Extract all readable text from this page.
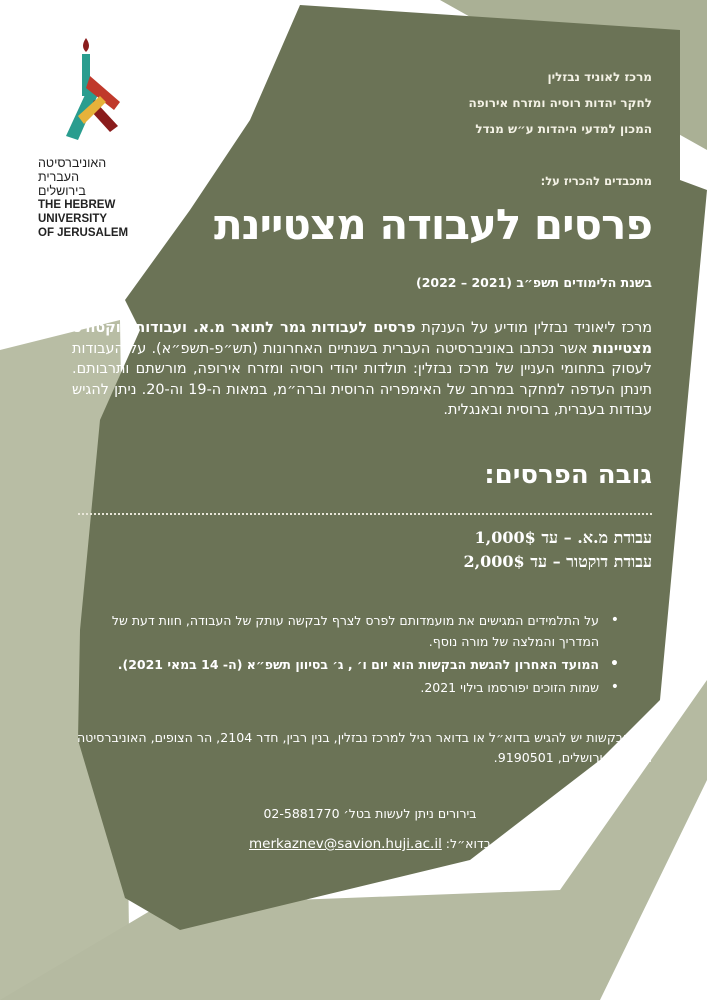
האוניברסיטה
העברית
בירושלים
THE HEBREW
UNIVERSITY
OF JERUSALEM
מרכז לאוניד נבזלין
לחקר יהדות רוסיה ומזרח אירופה
המכון למדעי היהדות ע״ש מנדל
מתכבדים להכריז על:
פרסים לעבודה מצטיינת
בשנת הלימודים תשפ״ב (2021 – 2022)
מרכז ליאוניד נבזלין מודיע על הענקת פרסים לעבודות גמר לתואר מ.א. ועבודות דוקטורט מצטיינות אשר נכתבו באוניברסיטה העברית בשנתיים האחרונות (תש״פ-תשפ״א). על העבודות לעסוק בתחומי העניין של מרכז נבזלין: תולדות יהודי רוסיה ומזרח אירופה, מורשתם ותרבותם. תינתן העדפה למחקר במרחב של האימפריה הרוסית וברה״מ, במאות ה-19 וה-20. ניתן להגיש עבודות בעברית, ברוסית ובאנגלית.
גובה הפרסים:
עבודת מ.א. – עד 1,000$
עבודת דוקטור – עד 2,000$
• על התלמידים המגישים את מועמדותם לפרס לצרף לבקשה עותק של העבודה, חוות דעת של המדריך והמלצה של מורה נוסף.
• המועד האחרון להגשת הבקשות הוא יום ו׳ , ג׳ בסיוון תשפ״א (ה- 14 במאי 2021).
• שמות הזוכים יפורסמו בילוי 2021.
את הבקשות יש להגיש בדוא״ל או בדואר רגיל למרכז נבזלין, בנין רבין, חדר 2104, הר הצופים, האוניברסיטה העברית, ירושלים, 9190501.
בירורים ניתן לעשות בטל׳ 02-5881770
בדוא״ל: merkaznev@savion.huji.ac.il
